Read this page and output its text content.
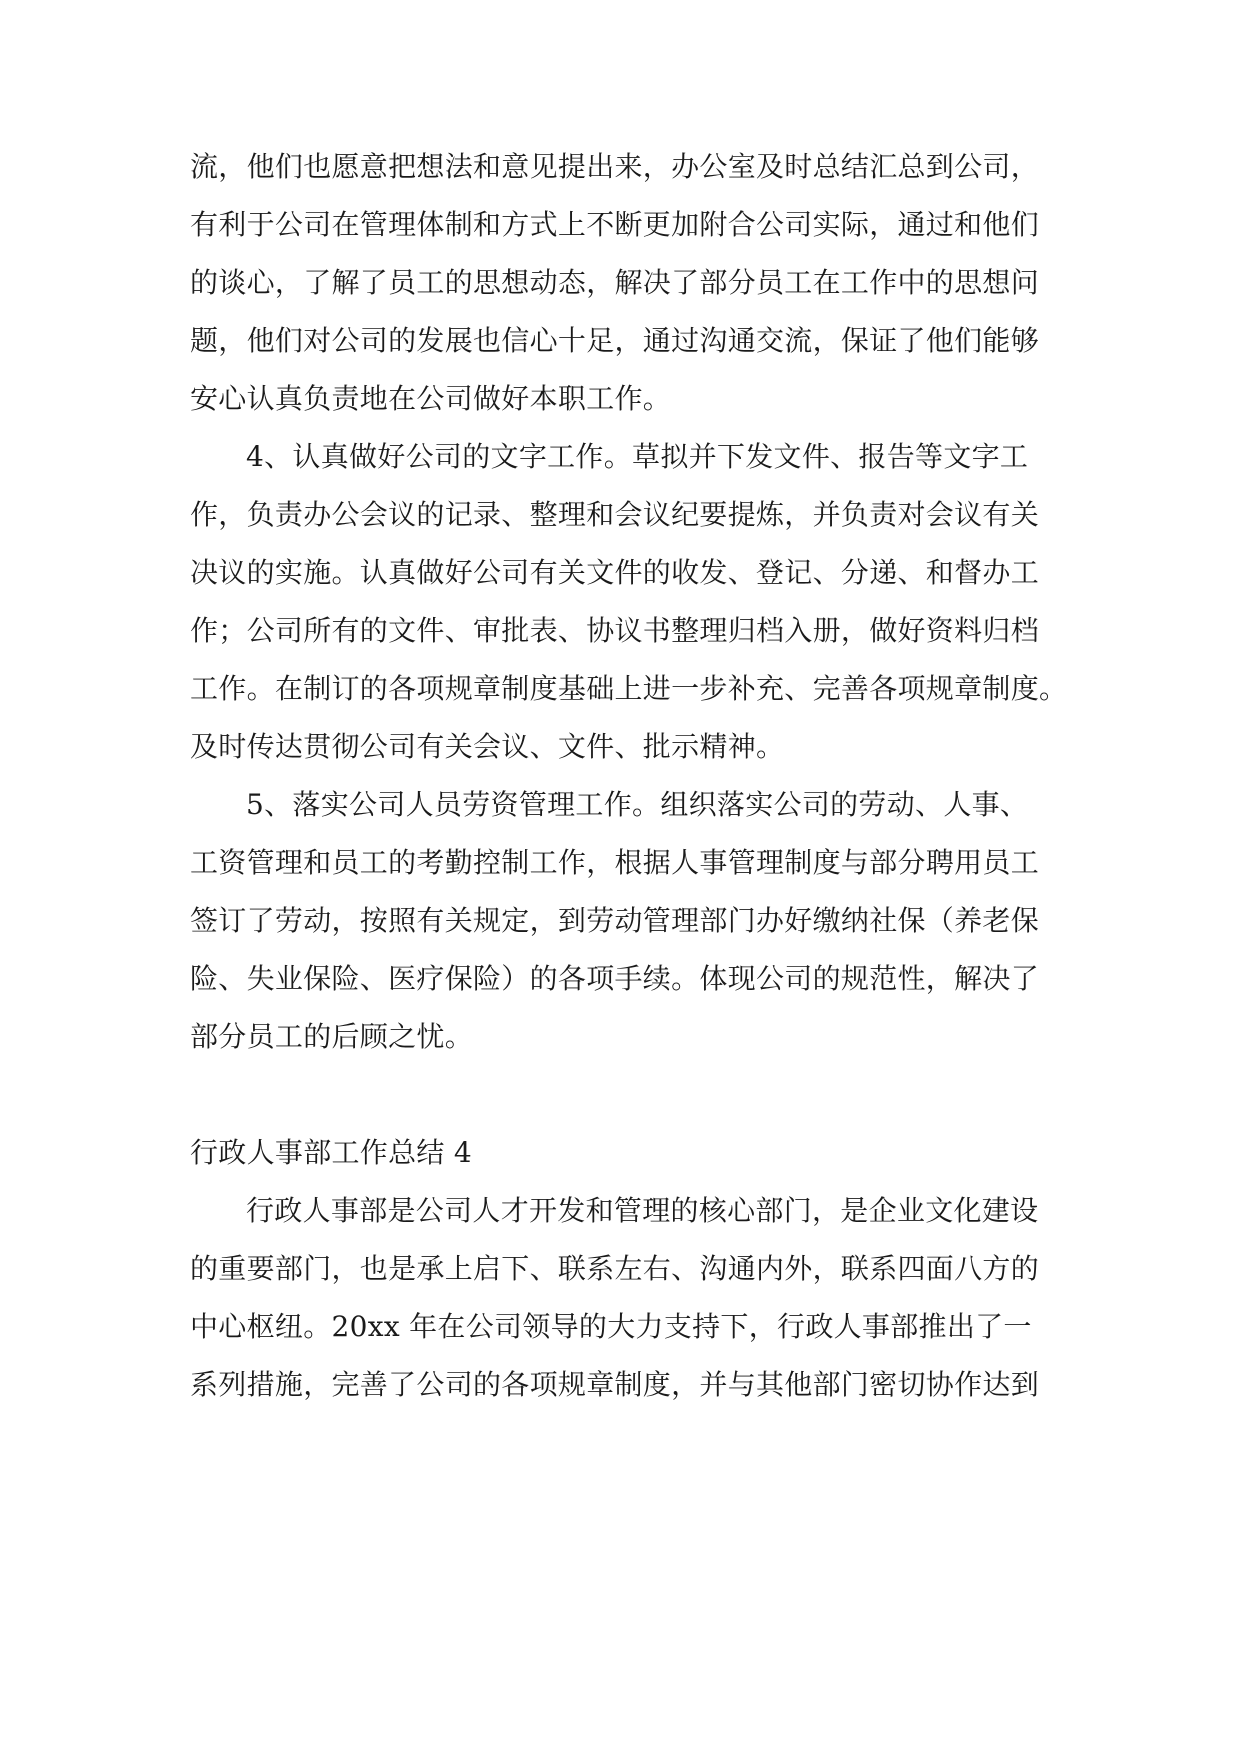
流，他们也愿意把想法和意见提出来，办公室及时总结汇总到公司，
有利于公司在管理体制和方式上不断更加附合公司实际，通过和他们
的谈心，了解了员工的思想动态，解决了部分员工在工作中的思想问
题，他们对公司的发展也信心十足，通过沟通交流，保证了他们能够
安心认真负责地在公司做好本职工作。
4、认真做好公司的文字工作。草拟并下发文件、报告等文字工
作，负责办公会议的记录、整理和会议纪要提炼，并负责对会议有关
决议的实施。认真做好公司有关文件的收发、登记、分递、和督办工
作；公司所有的文件、审批表、协议书整理归档入册，做好资料归档
工作。在制订的各项规章制度基础上进一步补充、完善各项规章制度。
及时传达贯彻公司有关会议、文件、批示精神。
5、落实公司人员劳资管理工作。组织落实公司的劳动、人事、
工资管理和员工的考勤控制工作，根据人事管理制度与部分聘用员工
签订了劳动，按照有关规定，到劳动管理部门办好缴纳社保（养老保
险、失业保险、医疗保险）的各项手续。体现公司的规范性，解决了
部分员工的后顾之忧。
行政人事部工作总结 4
行政人事部是公司人才开发和管理的核心部门，是企业文化建设
的重要部门，也是承上启下、联系左右、沟通内外，联系四面八方的
中心枢纽。20xx 年在公司领导的大力支持下，行政人事部推出了一
系列措施，完善了公司的各项规章制度，并与其他部门密切协作达到
